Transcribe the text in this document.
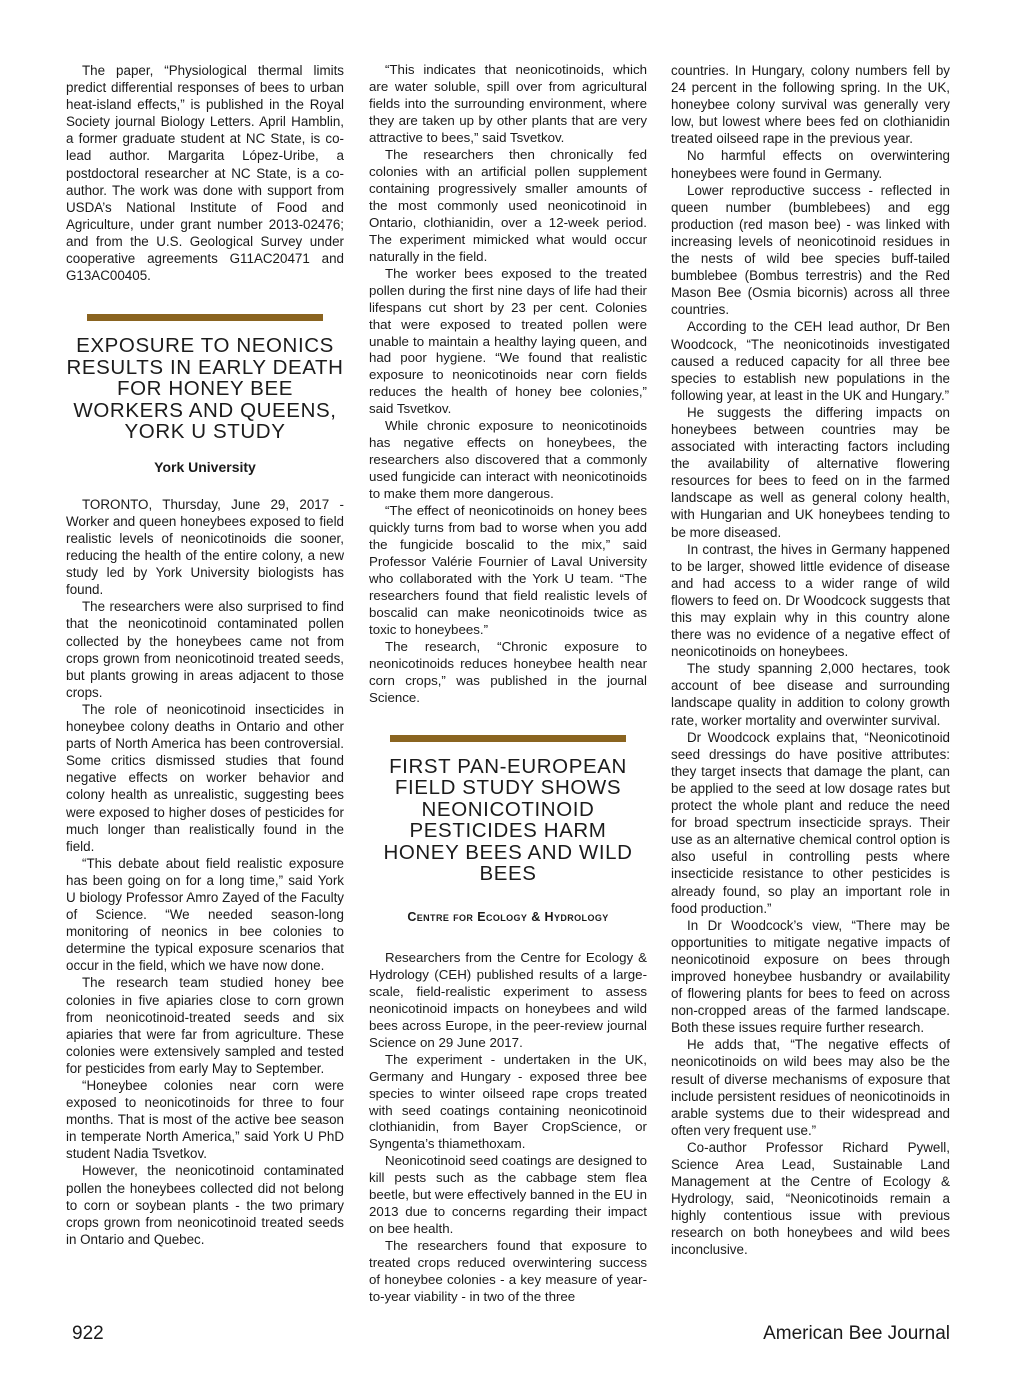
The paper, “Physiological thermal limits predict differential responses of bees to urban heat-island effects,” is published in the Royal Society journal Biology Letters. April Hamblin, a former graduate student at NC State, is co-lead author. Margarita López-Uribe, a postdoctoral researcher at NC State, is a co-author. The work was done with support from USDA’s National Institute of Food and Agriculture, under grant number 2013-02476; and from the U.S. Geological Survey under cooperative agreements G11AC20471 and G13AC00405.

EXPOSURE TO NEONICS RESULTS IN EARLY DEATH FOR HONEY BEE WORKERS AND QUEENS, YORK U STUDY
York University

TORONTO, Thursday, June 29, 2017 - Worker and queen honeybees exposed to field realistic levels of neonicotinoids die sooner, reducing the health of the entire colony, a new study led by York University biologists has found.

The researchers were also surprised to find that the neonicotinoid contaminated pollen collected by the honeybees came not from crops grown from neonicotinoid treated seeds, but plants growing in areas adjacent to those crops.

The role of neonicotinoid insecticides in honeybee colony deaths in Ontario and other parts of North America has been controversial. Some critics dismissed studies that found negative effects on worker behavior and colony health as unrealistic, suggesting bees were exposed to higher doses of pesticides for much longer than realistically found in the field.

“This debate about field realistic exposure has been going on for a long time,” said York U biology Professor Amro Zayed of the Faculty of Science. “We needed season-long monitoring of neonics in bee colonies to determine the typical exposure scenarios that occur in the field, which we have now done.

The research team studied honey bee colonies in five apiaries close to corn grown from neonicotinoid-treated seeds and six apiaries that were far from agriculture. These colonies were extensively sampled and tested for pesticides from early May to September.

“Honeybee colonies near corn were exposed to neonicotinoids for three to four months. That is most of the active bee season in temperate North America,” said York U PhD student Nadia Tsvetkov.

However, the neonicotinoid contaminated pollen the honeybees collected did not belong to corn or soybean plants - the two primary crops grown from neonicotinoid treated seeds in Ontario and Quebec.

“This indicates that neonicotinoids, which are water soluble, spill over from agricultural fields into the surrounding environment, where they are taken up by other plants that are very attractive to bees,” said Tsvetkov.

The researchers then chronically fed colonies with an artificial pollen supplement containing progressively smaller amounts of the most commonly used neonicotinoid in Ontario, clothianidin, over a 12-week period. The experiment mimicked what would occur naturally in the field.

The worker bees exposed to the treated pollen during the first nine days of life had their lifespans cut short by 23 per cent. Colonies that were exposed to treated pollen were unable to maintain a healthy laying queen, and had poor hygiene. “We found that realistic exposure to neonicotinoids near corn fields reduces the health of honey bee colonies,” said Tsvetkov.

While chronic exposure to neonicotinoids has negative effects on honeybees, the researchers also discovered that a commonly used fungicide can interact with neonicotinoids to make them more dangerous.

“The effect of neonicotinoids on honey bees quickly turns from bad to worse when you add the fungicide boscalid to the mix,” said Professor Valérie Fournier of Laval University who collaborated with the York U team. “The researchers found that field realistic levels of boscalid can make neonicotinoids twice as toxic to honeybees.”

The research, “Chronic exposure to neonicotinoids reduces honeybee health near corn crops,” was published in the journal Science.

FIRST PAN-EUROPEAN FIELD STUDY SHOWS NEONICOTINOID PESTICIDES HARM HONEY BEES AND WILD BEES
Centre for Ecology & Hydrology

Researchers from the Centre for Ecology & Hydrology (CEH) published results of a large-scale, field-realistic experiment to assess neonicotinoid impacts on honeybees and wild bees across Europe, in the peer-review journal Science on 29 June 2017.

The experiment - undertaken in the UK, Germany and Hungary - exposed three bee species to winter oilseed rape crops treated with seed coatings containing neonicotinoid clothianidin, from Bayer CropScience, or Syngenta’s thiamethoxam.

Neonicotinoid seed coatings are designed to kill pests such as the cabbage stem flea beetle, but were effectively banned in the EU in 2013 due to concerns regarding their impact on bee health.

The researchers found that exposure to treated crops reduced overwintering success of honeybee colonies - a key measure of year-to-year viability - in two of the three

countries. In Hungary, colony numbers fell by 24 percent in the following spring. In the UK, honeybee colony survival was generally very low, but lowest where bees fed on clothianidin treated oilseed rape in the previous year.

No harmful effects on overwintering honeybees were found in Germany.

Lower reproductive success - reflected in queen number (bumblebees) and egg production (red mason bee) - was linked with increasing levels of neonicotinoid residues in the nests of wild bee species buff-tailed bumblebee (Bombus terrestris) and the Red Mason Bee (Osmia bicornis) across all three countries.

According to the CEH lead author, Dr Ben Woodcock, “The neonicotinoids investigated caused a reduced capacity for all three bee species to establish new populations in the following year, at least in the UK and Hungary.”

He suggests the differing impacts on honeybees between countries may be associated with interacting factors including the availability of alternative flowering resources for bees to feed on in the farmed landscape as well as general colony health, with Hungarian and UK honeybees tending to be more diseased.

In contrast, the hives in Germany happened to be larger, showed little evidence of disease and had access to a wider range of wild flowers to feed on. Dr Woodcock suggests that this may explain why in this country alone there was no evidence of a negative effect of neonicotinoids on honeybees.

The study spanning 2,000 hectares, took account of bee disease and surrounding landscape quality in addition to colony growth rate, worker mortality and overwinter survival.

Dr Woodcock explains that, “Neonicotinoid seed dressings do have positive attributes: they target insects that damage the plant, can be applied to the seed at low dosage rates but protect the whole plant and reduce the need for broad spectrum insecticide sprays. Their use as an alternative chemical control option is also useful in controlling pests where insecticide resistance to other pesticides is already found, so play an important role in food production.”

In Dr Woodcock’s view, “There may be opportunities to mitigate negative impacts of neonicotinoid exposure on bees through improved honeybee husbandry or availability of flowering plants for bees to feed on across non-cropped areas of the farmed landscape. Both these issues require further research.

He adds that, “The negative effects of neonicotinoids on wild bees may also be the result of diverse mechanisms of exposure that include persistent residues of neonicotinoids in arable systems due to their widespread and often very frequent use.”

Co-author Professor Richard Pywell, Science Area Lead, Sustainable Land Management at the Centre of Ecology & Hydrology, said, “Neonicotinoids remain a highly contentious issue with previous research on both honeybees and wild bees inconclusive.

922	American Bee Journal
